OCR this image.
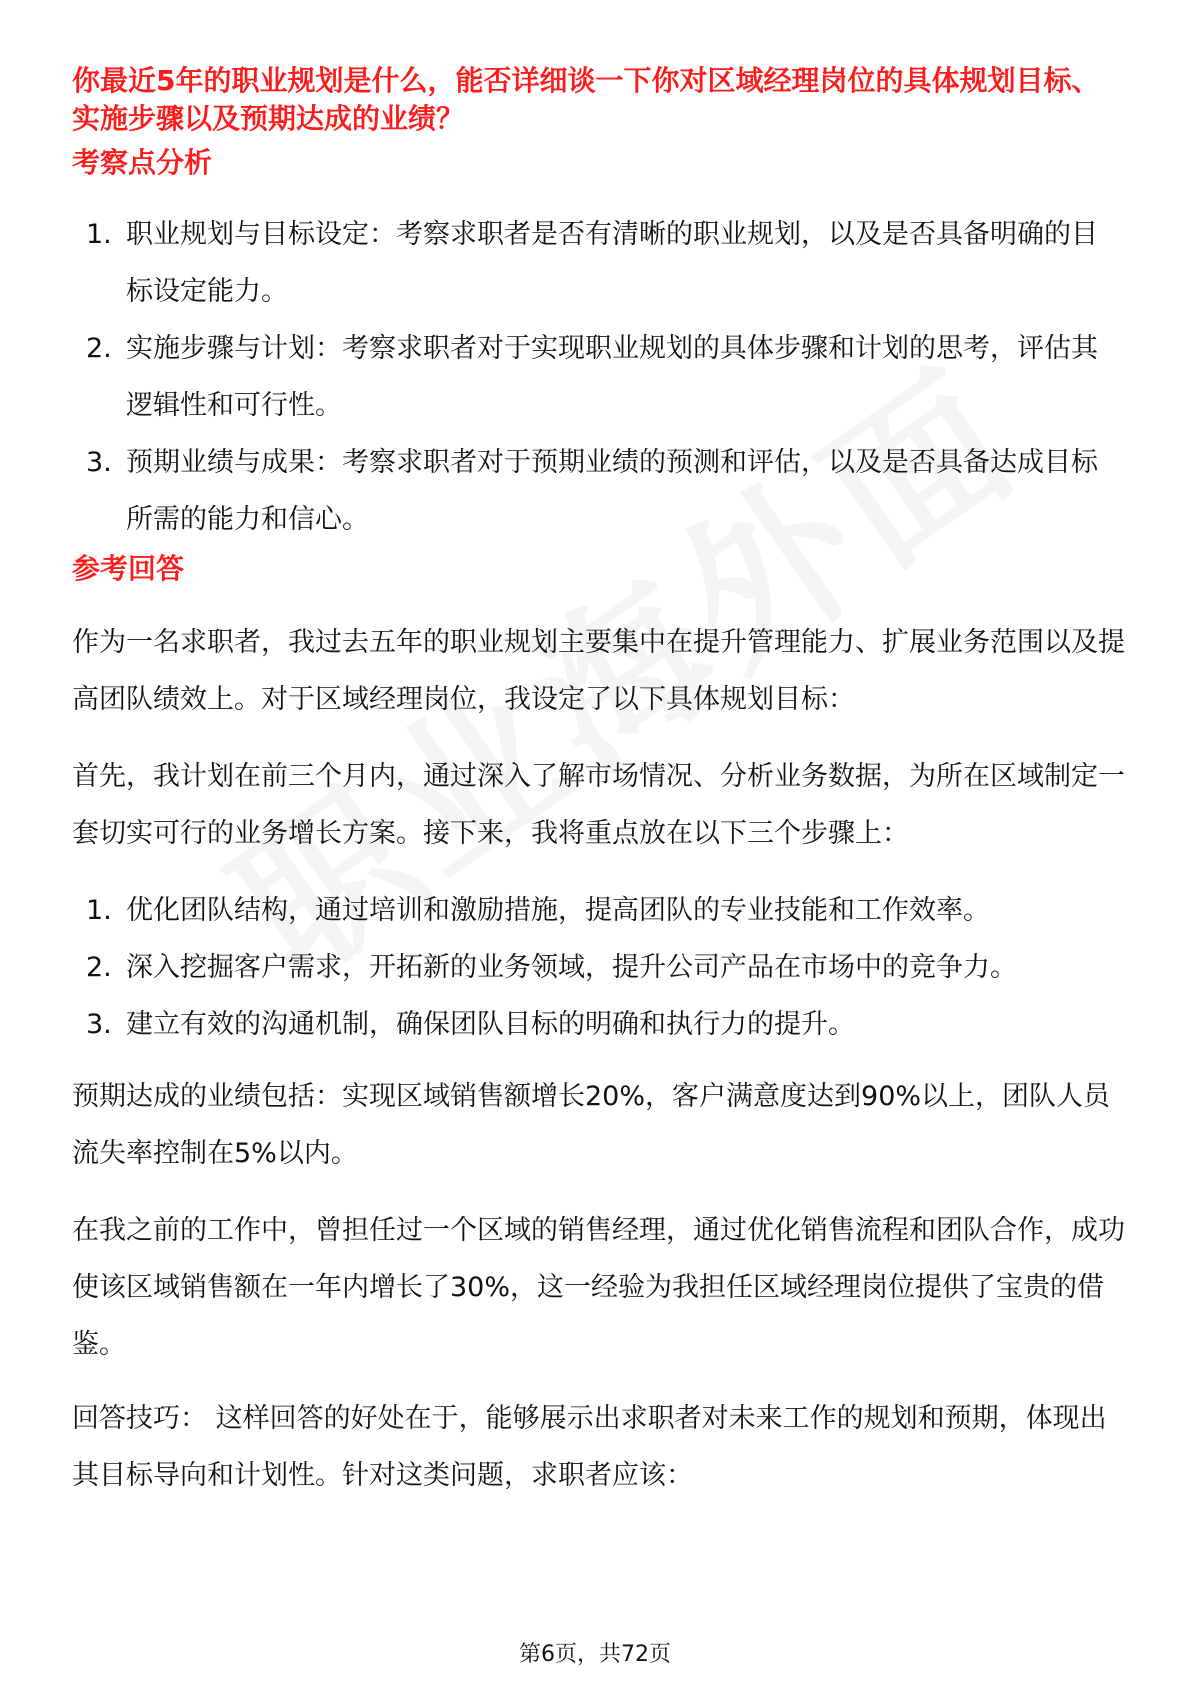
你最近5年的职业规划是什么，能否详细谈一下你对区域经理岗位的具体规划目标、实施步骤以及预期达成的业绩？
考察点分析
1. 职业规划与目标设定：考察求职者是否有清晰的职业规划，以及是否具备明确的目标设定能力。
2. 实施步骤与计划：考察求职者对于实现职业规划的具体步骤和计划的思考，评估其逻辑性和可行性。
3. 预期业绩与成果：考察求职者对于预期业绩的预测和评估，以及是否具备达成目标所需的能力和信心。
参考回答

作为一名求职者，我过去五年的职业规划主要集中在提升管理能力、扩展业务范围以及提高团队绩效上。对于区域经理岗位，我设定了以下具体规划目标：

首先，我计划在前三个月内，通过深入了解市场情况、分析业务数据，为所在区域制定一套切实可行的业务增长方案。接下来，我将重点放在以下三个步骤上：

1. 优化团队结构，通过培训和激励措施，提高团队的专业技能和工作效率。
2. 深入挖掘客户需求，开拓新的业务领域，提升公司产品在市场中的竞争力。
3. 建立有效的沟通机制，确保团队目标的明确和执行力的提升。

预期达成的业绩包括：实现区域销售额增长20%，客户满意度达到90%以上，团队人员流失率控制在5%以内。

在我之前的工作中，曾担任过一个区域的销售经理，通过优化销售流程和团队合作，成功使该区域销售额在一年内增长了30%，这一经验为我担任区域经理岗位提供了宝贵的借鉴。

回答技巧： 这样回答的好处在于，能够展示出求职者对未来工作的规划和预期，体现出其目标导向和计划性。针对这类问题，求职者应该：

第6页，共72页
